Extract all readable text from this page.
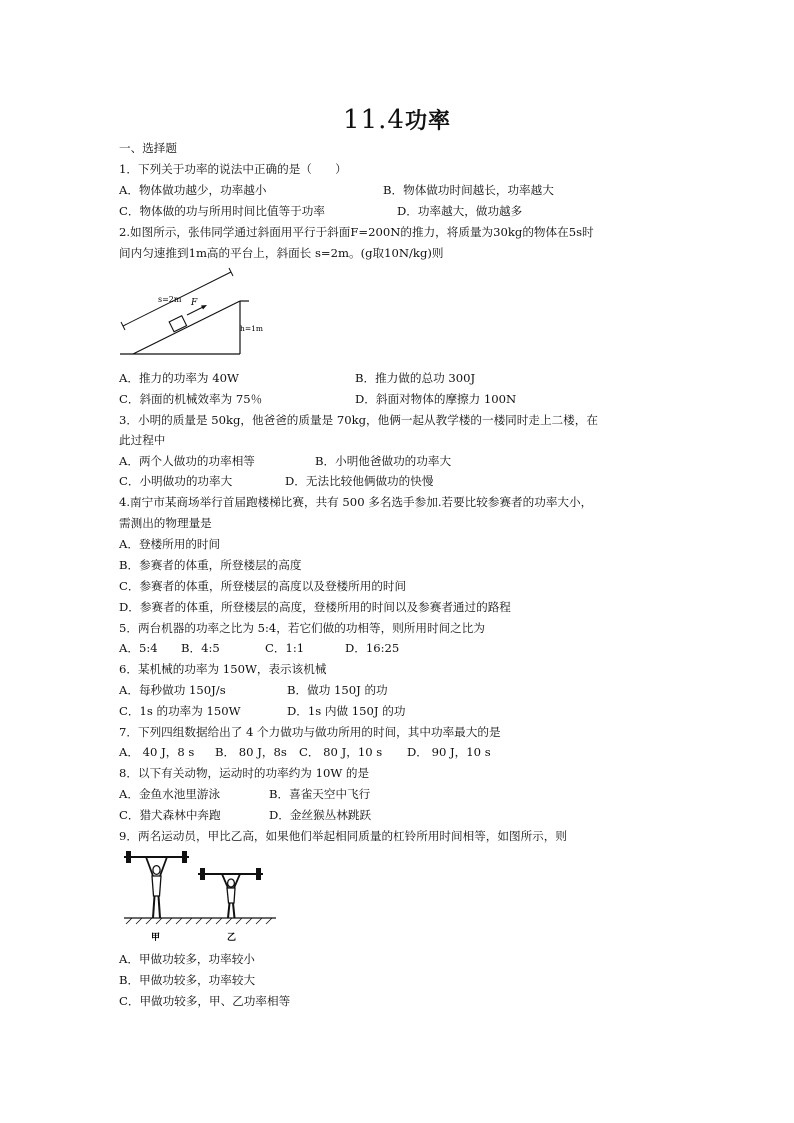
11.4功率
一、选择题
1．下列关于功率的说法中正确的是（　　）
A．物体做功越少，功率越小	B．物体做功时间越长，功率越大
C．物体做的功与所用时间比值等于功率	D．功率越大，做功越多
2.如图所示，张伟同学通过斜面用平行于斜面F=200N的推力，将质量为30kg的物体在5s时
间内匀速推到1m高的平台上，斜面长 s=2m。(g取10N/kg)则
s=2m F
h=1m
A．推力的功率为 40W	B．推力做的总功 300J
C．斜面的机械效率为 75％	D．斜面对物体的摩擦力 100N
3．小明的质量是 50kg，他爸爸的质量是 70kg，他俩一起从教学楼的一楼同时走上二楼，在
此过程中
A．两个人做功的功率相等	B．小明他爸做功的功率大
C．小明做功的功率大	D．无法比较他俩做功的快慢
4.南宁市某商场举行首届跑楼梯比赛，共有 500 多名选手参加.若要比较参赛者的功率大小，
需测出的物理量是
A．登楼所用的时间
B．参赛者的体重，所登楼层的高度
C．参赛者的体重，所登楼层的高度以及登楼所用的时间
D．参赛者的体重，所登楼层的高度，登楼所用的时间以及参赛者通过的路程
5．两台机器的功率之比为 5:4，若它们做的功相等，则所用时间之比为
A．5:4 B．4:5	C．1:1	D．16:25
6．某机械的功率为 150W，表示该机械
A．每秒做功 150J/s	B．做功 150J 的功
C．1s 的功率为 150W	D．1s 内做 150J 的功
7．下列四组数据给出了 4 个力做功与做功所用的时间，其中功率最大的是
A． 40 J，8 s B． 80 J，8s C． 80 J，10 s D． 90 J，10 s
8．以下有关动物，运动时的功率约为 10W 的是
A．金鱼水池里游泳	B．喜雀天空中飞行
C．猎犬森林中奔跑	D．金丝猴丛林跳跃
9．两名运动员，甲比乙高，如果他们举起相同质量的杠铃所用时间相等，如图所示，则
甲	乙
A．甲做功较多，功率较小
B．甲做功较多，功率较大
C．甲做功较多，甲、乙功率相等
